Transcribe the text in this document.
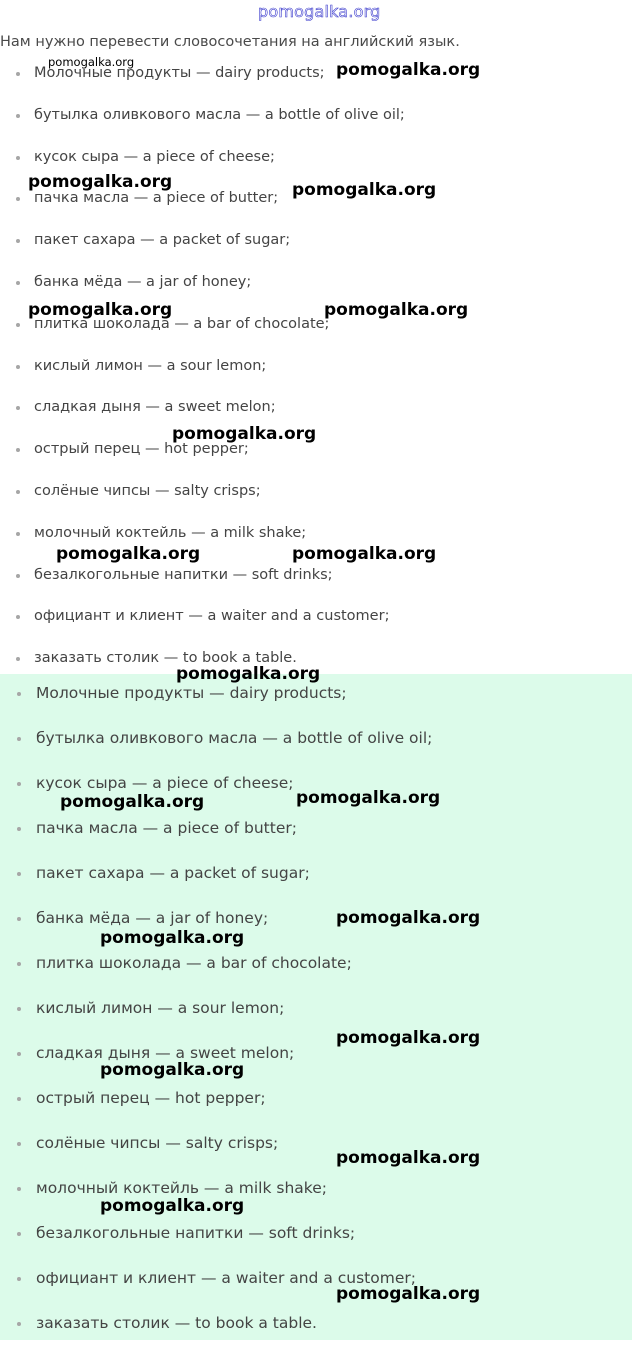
pomogalka.org

Нам нужно перевести словосочетания на английский язык.

Молочные продукты — dairy products;
бутылка оливкового масла — a bottle of olive oil;
кусок сыра — a piece of cheese;
пачка масла — a piece of butter;
пакет сахара — a packet of sugar;
банка мёда — a jar of honey;
плитка шоколада — a bar of chocolate;
кислый лимон — a sour lemon;
сладкая дыня — a sweet melon;
острый перец — hot pepper;
солёные чипсы — salty crisps;
молочный коктейль — a milk shake;
безалкогольные напитки — soft drinks;
официант и клиент — a waiter and a customer;
заказать столик — to book a table.
Молочные продукты — dairy products;
бутылка оливкового масла — a bottle of olive oil;
кусок сыра — a piece of cheese;
пачка масла — a piece of butter;
пакет сахара — a packet of sugar;
банка мёда — a jar of honey;
плитка шоколада — a bar of chocolate;
кислый лимон — a sour lemon;
сладкая дыня — a sweet melon;
острый перец — hot pepper;
солёные чипсы — salty crisps;
молочный коктейль — a milk shake;
безалкогольные напитки — soft drinks;
официант и клиент — a waiter and a customer;
заказать столик — to book a table.
pomogalka.org	pomogalka.org
pomogalka.org	pomogalka.org
pomogalka.org	pomogalka.org
pomogalka.org
pomogalka.org	pomogalka.org
pomogalka.org
pomogalka.org	pomogalka.org
pomogalka.org
pomogalka.org
pomogalka.org
pomogalka.org
pomogalka.org
pomogalka.org
pomogalka.org
